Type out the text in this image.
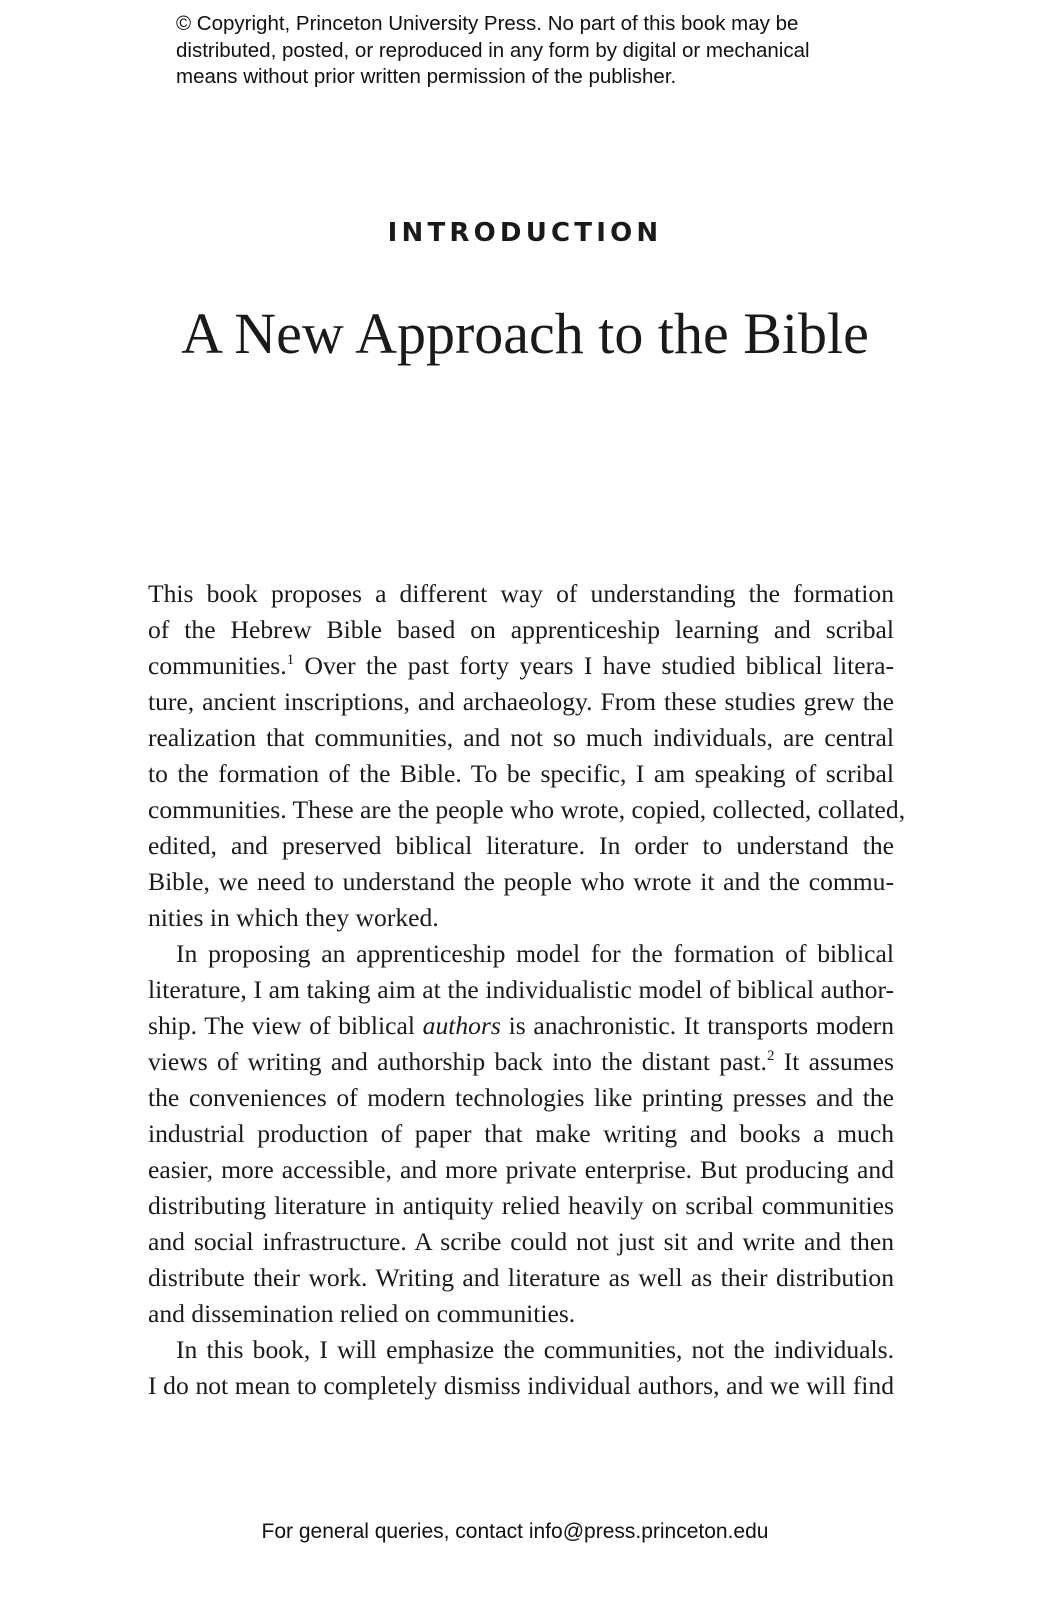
© Copyright, Princeton University Press. No part of this book may be
distributed, posted, or reproduced in any form by digital or mechanical
means without prior written permission of the publisher.
INTRODUCTION
A New Approach to the Bible
This book proposes a different way of understanding the formation
of the Hebrew Bible based on apprenticeship learning and scribal
communities.$^1$ Over the past forty years I have studied biblical litera-
ture, ancient inscriptions, and archaeology. From these studies grew the
realization that communities, and not so much individuals, are central
to the formation of the Bible. To be specific, I am speaking of scribal
communities. These are the people who wrote, copied, collected, collated,
edited, and preserved biblical literature. In order to understand the
Bible, we need to understand the people who wrote it and the commu-
nities in which they worked.
In proposing an apprenticeship model for the formation of biblical
literature, I am taking aim at the individualistic model of biblical author-
ship. The view of biblical authors is anachronistic. It transports modern
views of writing and authorship back into the distant past.$^2$ It assumes
the conveniences of modern technologies like printing presses and the
industrial production of paper that make writing and books a much
easier, more accessible, and more private enterprise. But producing and
distributing literature in antiquity relied heavily on scribal communities
and social infrastructure. A scribe could not just sit and write and then
distribute their work. Writing and literature as well as their distribution
and dissemination relied on communities.
In this book, I will emphasize the communities, not the individuals.
I do not mean to completely dismiss individual authors, and we will find
For general queries, contact info@press.princeton.edu
